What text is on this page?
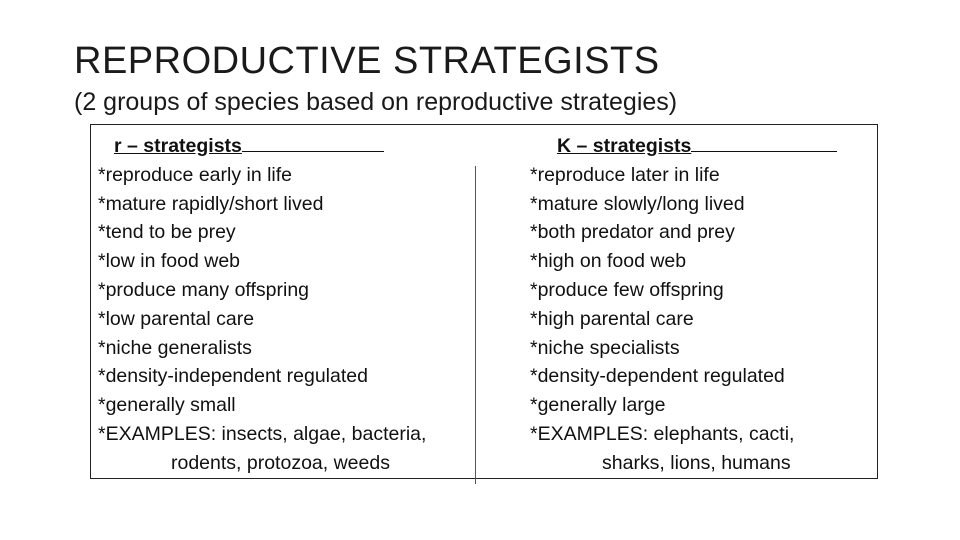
REPRODUCTIVE STRATEGISTS
(2 groups of species based on reproductive strategies)
r – strategists
*reproduce early in life
*mature rapidly/short lived
*tend to be prey
*low in food web
*produce many offspring
*low parental care
*niche generalists
*density-independent regulated
*generally small
*EXAMPLES: insects, algae, bacteria,
rodents, protozoa, weeds
K – strategists
*reproduce later in life
*mature slowly/long lived
*both predator and prey
*high on food web
*produce few offspring
*high parental care
*niche specialists
*density-dependent regulated
*generally large
*EXAMPLES: elephants, cacti,
sharks, lions, humans
